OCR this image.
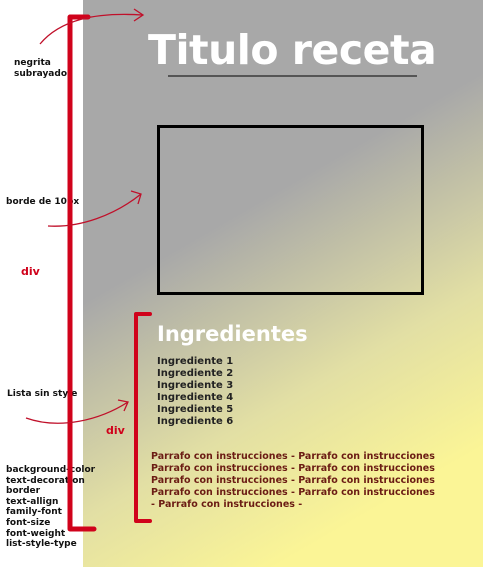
Titulo receta
Ingredientes
Ingrediente 1
Ingrediente 2
Ingrediente 3
Ingrediente 4
Ingrediente 5
Ingrediente 6
Parrafo con instrucciones - Parrafo con instrucciones
Parrafo con instrucciones - Parrafo con instrucciones
Parrafo con instrucciones - Parrafo con instrucciones
Parrafo con instrucciones - Parrafo con instrucciones
- Parrafo con instrucciones -
negrita
subrayado
borde de 10px
div
Lista sin style
div
background-color
text-decoration
border
text-allign
family-font
font-size
font-weight
list-style-type
